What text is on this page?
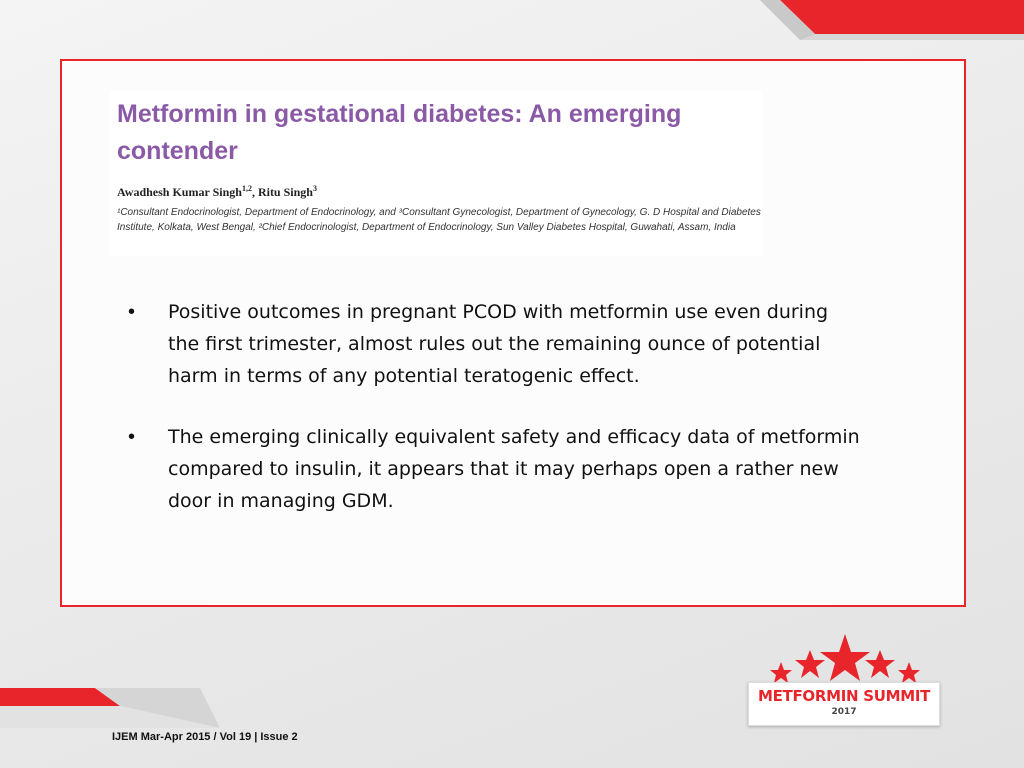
Metformin in gestational diabetes: An emerging contender

Awadhesh Kumar Singh$^{1,2}$, Ritu Singh$^3$

¹Consultant Endocrinologist, Department of Endocrinology, and ³Consultant Gynecologist, Department of Gynecology, G. D Hospital and Diabetes Institute, Kolkata, West Bengal, ²Chief Endocrinologist, Department of Endocrinology, Sun Valley Diabetes Hospital, Guwahati, Assam, India

• Positive outcomes in pregnant PCOD with metformin use even during the first trimester, almost rules out the remaining ounce of potential harm in terms of any potential teratogenic effect.
• The emerging clinically equivalent safety and efficacy data of metformin compared to insulin, it appears that it may perhaps open a rather new door in managing GDM.
IJEM Mar-Apr 2015 / Vol 19 | Issue 2
METFORMIN SUMMIT
2017
